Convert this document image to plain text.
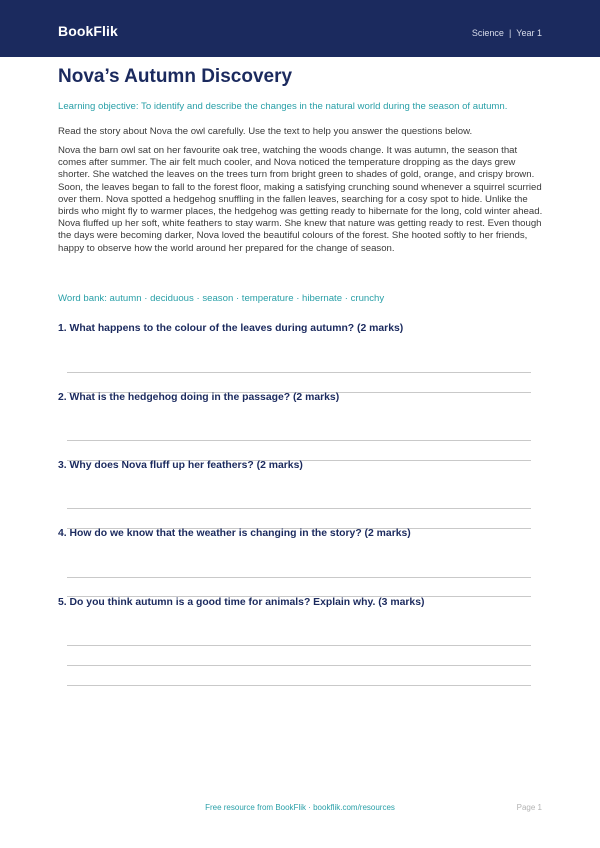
BookFlik	Science | Year 1
Nova’s Autumn Discovery
Learning objective: To identify and describe the changes in the natural world during the season of autumn.
Read the story about Nova the owl carefully. Use the text to help you answer the questions below.
Nova the barn owl sat on her favourite oak tree, watching the woods change. It was autumn, the season that comes after summer. The air felt much cooler, and Nova noticed the temperature dropping as the days grew shorter. She watched the leaves on the trees turn from bright green to shades of gold, orange, and crispy brown. Soon, the leaves began to fall to the forest floor, making a satisfying crunching sound whenever a squirrel scurried over them. Nova spotted a hedgehog snuffling in the fallen leaves, searching for a cosy spot to hide. Unlike the birds who might fly to warmer places, the hedgehog was getting ready to hibernate for the long, cold winter ahead. Nova fluffed up her soft, white feathers to stay warm. She knew that nature was getting ready to rest. Even though the days were becoming darker, Nova loved the beautiful colours of the forest. She hooted softly to her friends, happy to observe how the world around her prepared for the change of season.
Word bank: autumn · deciduous · season · temperature · hibernate · crunchy
1. What happens to the colour of the leaves during autumn? (2 marks)
2. What is the hedgehog doing in the passage? (2 marks)
3. Why does Nova fluff up her feathers? (2 marks)
4. How do we know that the weather is changing in the story? (2 marks)
5. Do you think autumn is a good time for animals? Explain why. (3 marks)
Free resource from BookFlik · bookflik.com/resources	Page 1
